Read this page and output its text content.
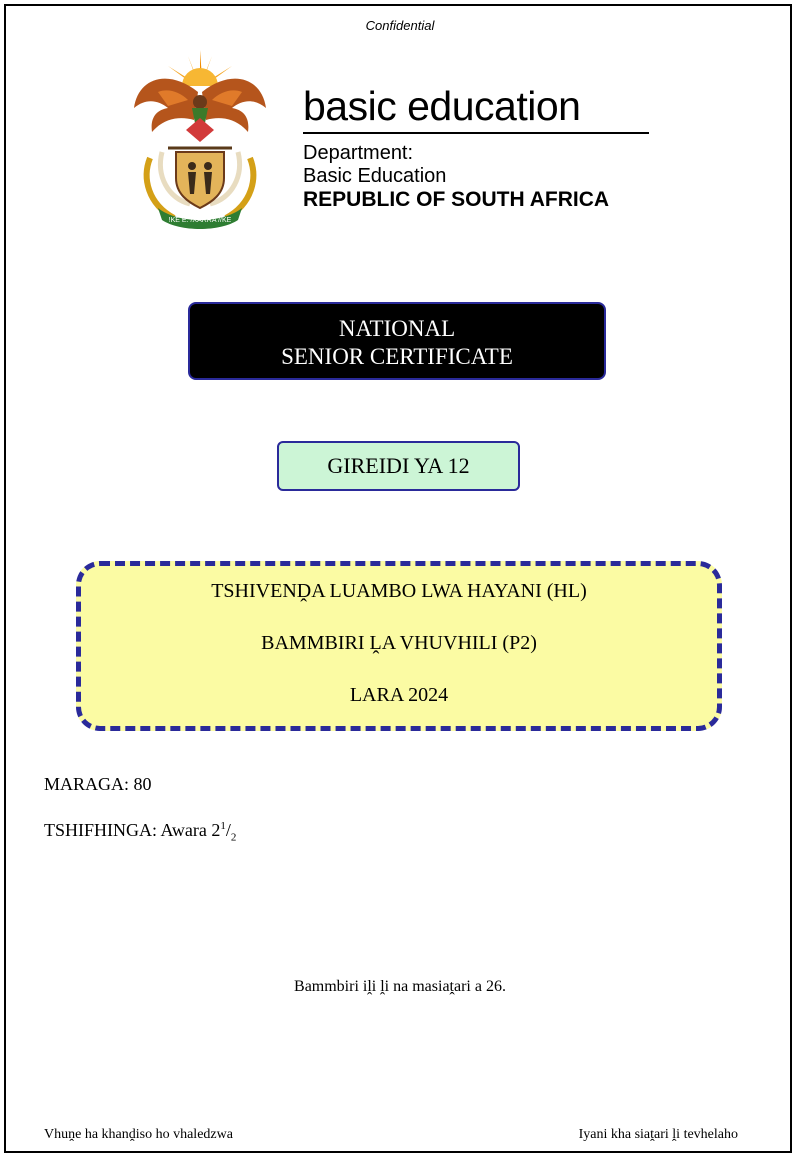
Confidential
!KE E: /XARRA //KE
basic education
Department:
Basic Education
REPUBLIC OF SOUTH AFRICA
NATIONAL
SENIOR CERTIFICATE
GIREIDI YA 12
TSHIVENḒA LUAMBO LWA HAYANI (HL)
BAMMBIRI ḼA VHUVHILI (P2)
LARA 2024
MARAGA: 80
TSHIFHINGA: Awara $2^1/_2$
Bammbiri iḽi ḽi na masiaṱari a 26.
Vhuṋe ha khanḓiso ho vhaledzwa	Iyani kha siaṱari ḽi tevhelaho
